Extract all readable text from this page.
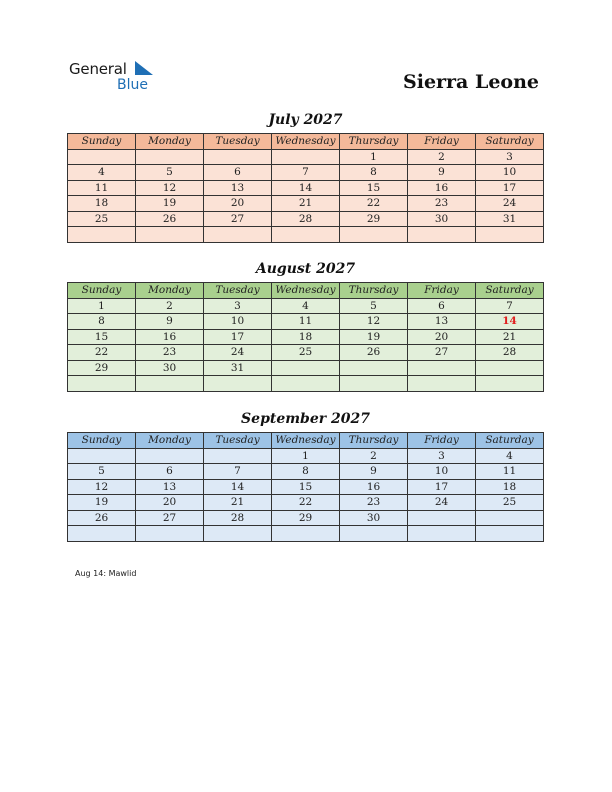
General
Blue	Sierra Leone
July 2027
Sunday	Monday	Tuesday	Wednesday	Thursday	Friday	Saturday
				1	2	3
4	5	6	7	8	9	10
11	12	13	14	15	16	17
18	19	20	21	22	23	24
25	26	27	28	29	30	31

August 2027
Sunday	Monday	Tuesday	Wednesday	Thursday	Friday	Saturday
1	2	3	4	5	6	7
8	9	10	11	12	13	14
15	16	17	18	19	20	21
22	23	24	25	26	27	28
29	30	31				

September 2027
Sunday	Monday	Tuesday	Wednesday	Thursday	Friday	Saturday
			1	2	3	4
5	6	7	8	9	10	11
12	13	14	15	16	17	18
19	20	21	22	23	24	25
26	27	28	29	30		

Aug 14: Mawlid
